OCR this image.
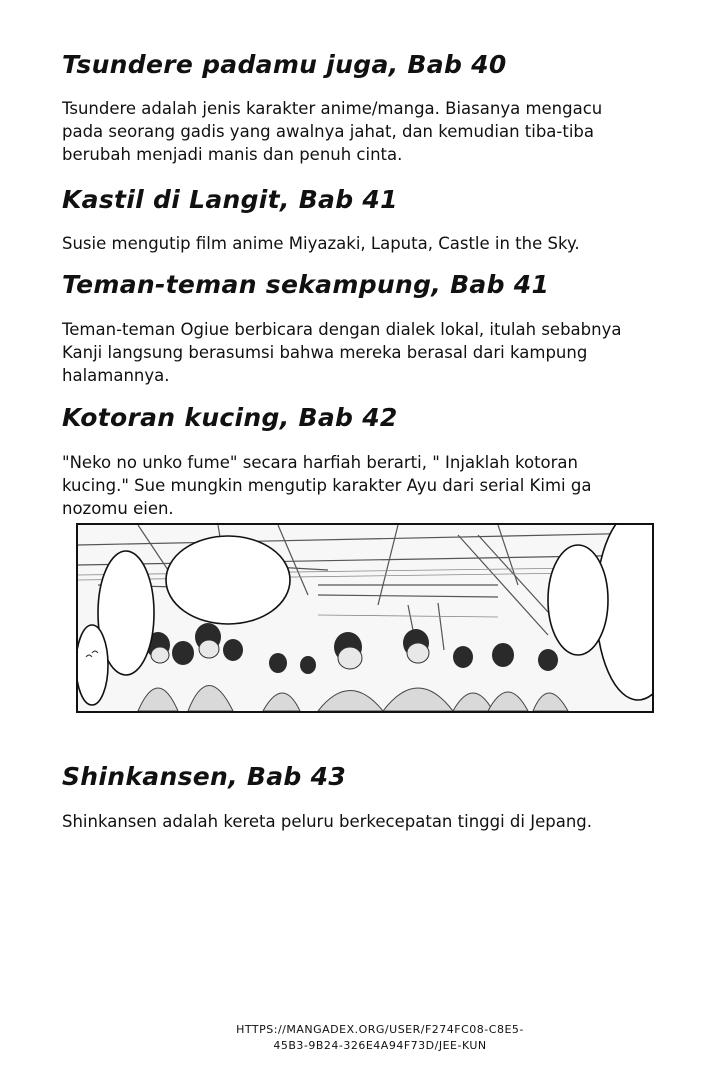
Tsundere padamu juga, Bab 40
Tsundere adalah jenis karakter anime/manga. Biasanya mengacu
pada seorang gadis yang awalnya jahat, dan kemudian tiba-tiba
berubah menjadi manis dan penuh cinta.
Kastil di Langit, Bab 41
Susie mengutip film anime Miyazaki, Laputa, Castle in the Sky.
Teman-teman sekampung, Bab 41
Teman-teman Ogiue berbicara dengan dialek lokal, itulah sebabnya
Kanji langsung berasumsi bahwa mereka berasal dari kampung
halamannya.
Kotoran kucing, Bab 42
"Neko no unko fume" secara harfiah berarti, " Injaklah kotoran
kucing." Sue mungkin mengutip karakter Ayu dari serial Kimi ga
nozomu eien.
Shinkansen, Bab 43
Shinkansen adalah kereta peluru berkecepatan tinggi di Jepang.
HTTPS://MANGADEX.ORG/USER/F274FC08-C8E5-
45B3-9B24-326E4A94F73D/JEE-KUN
